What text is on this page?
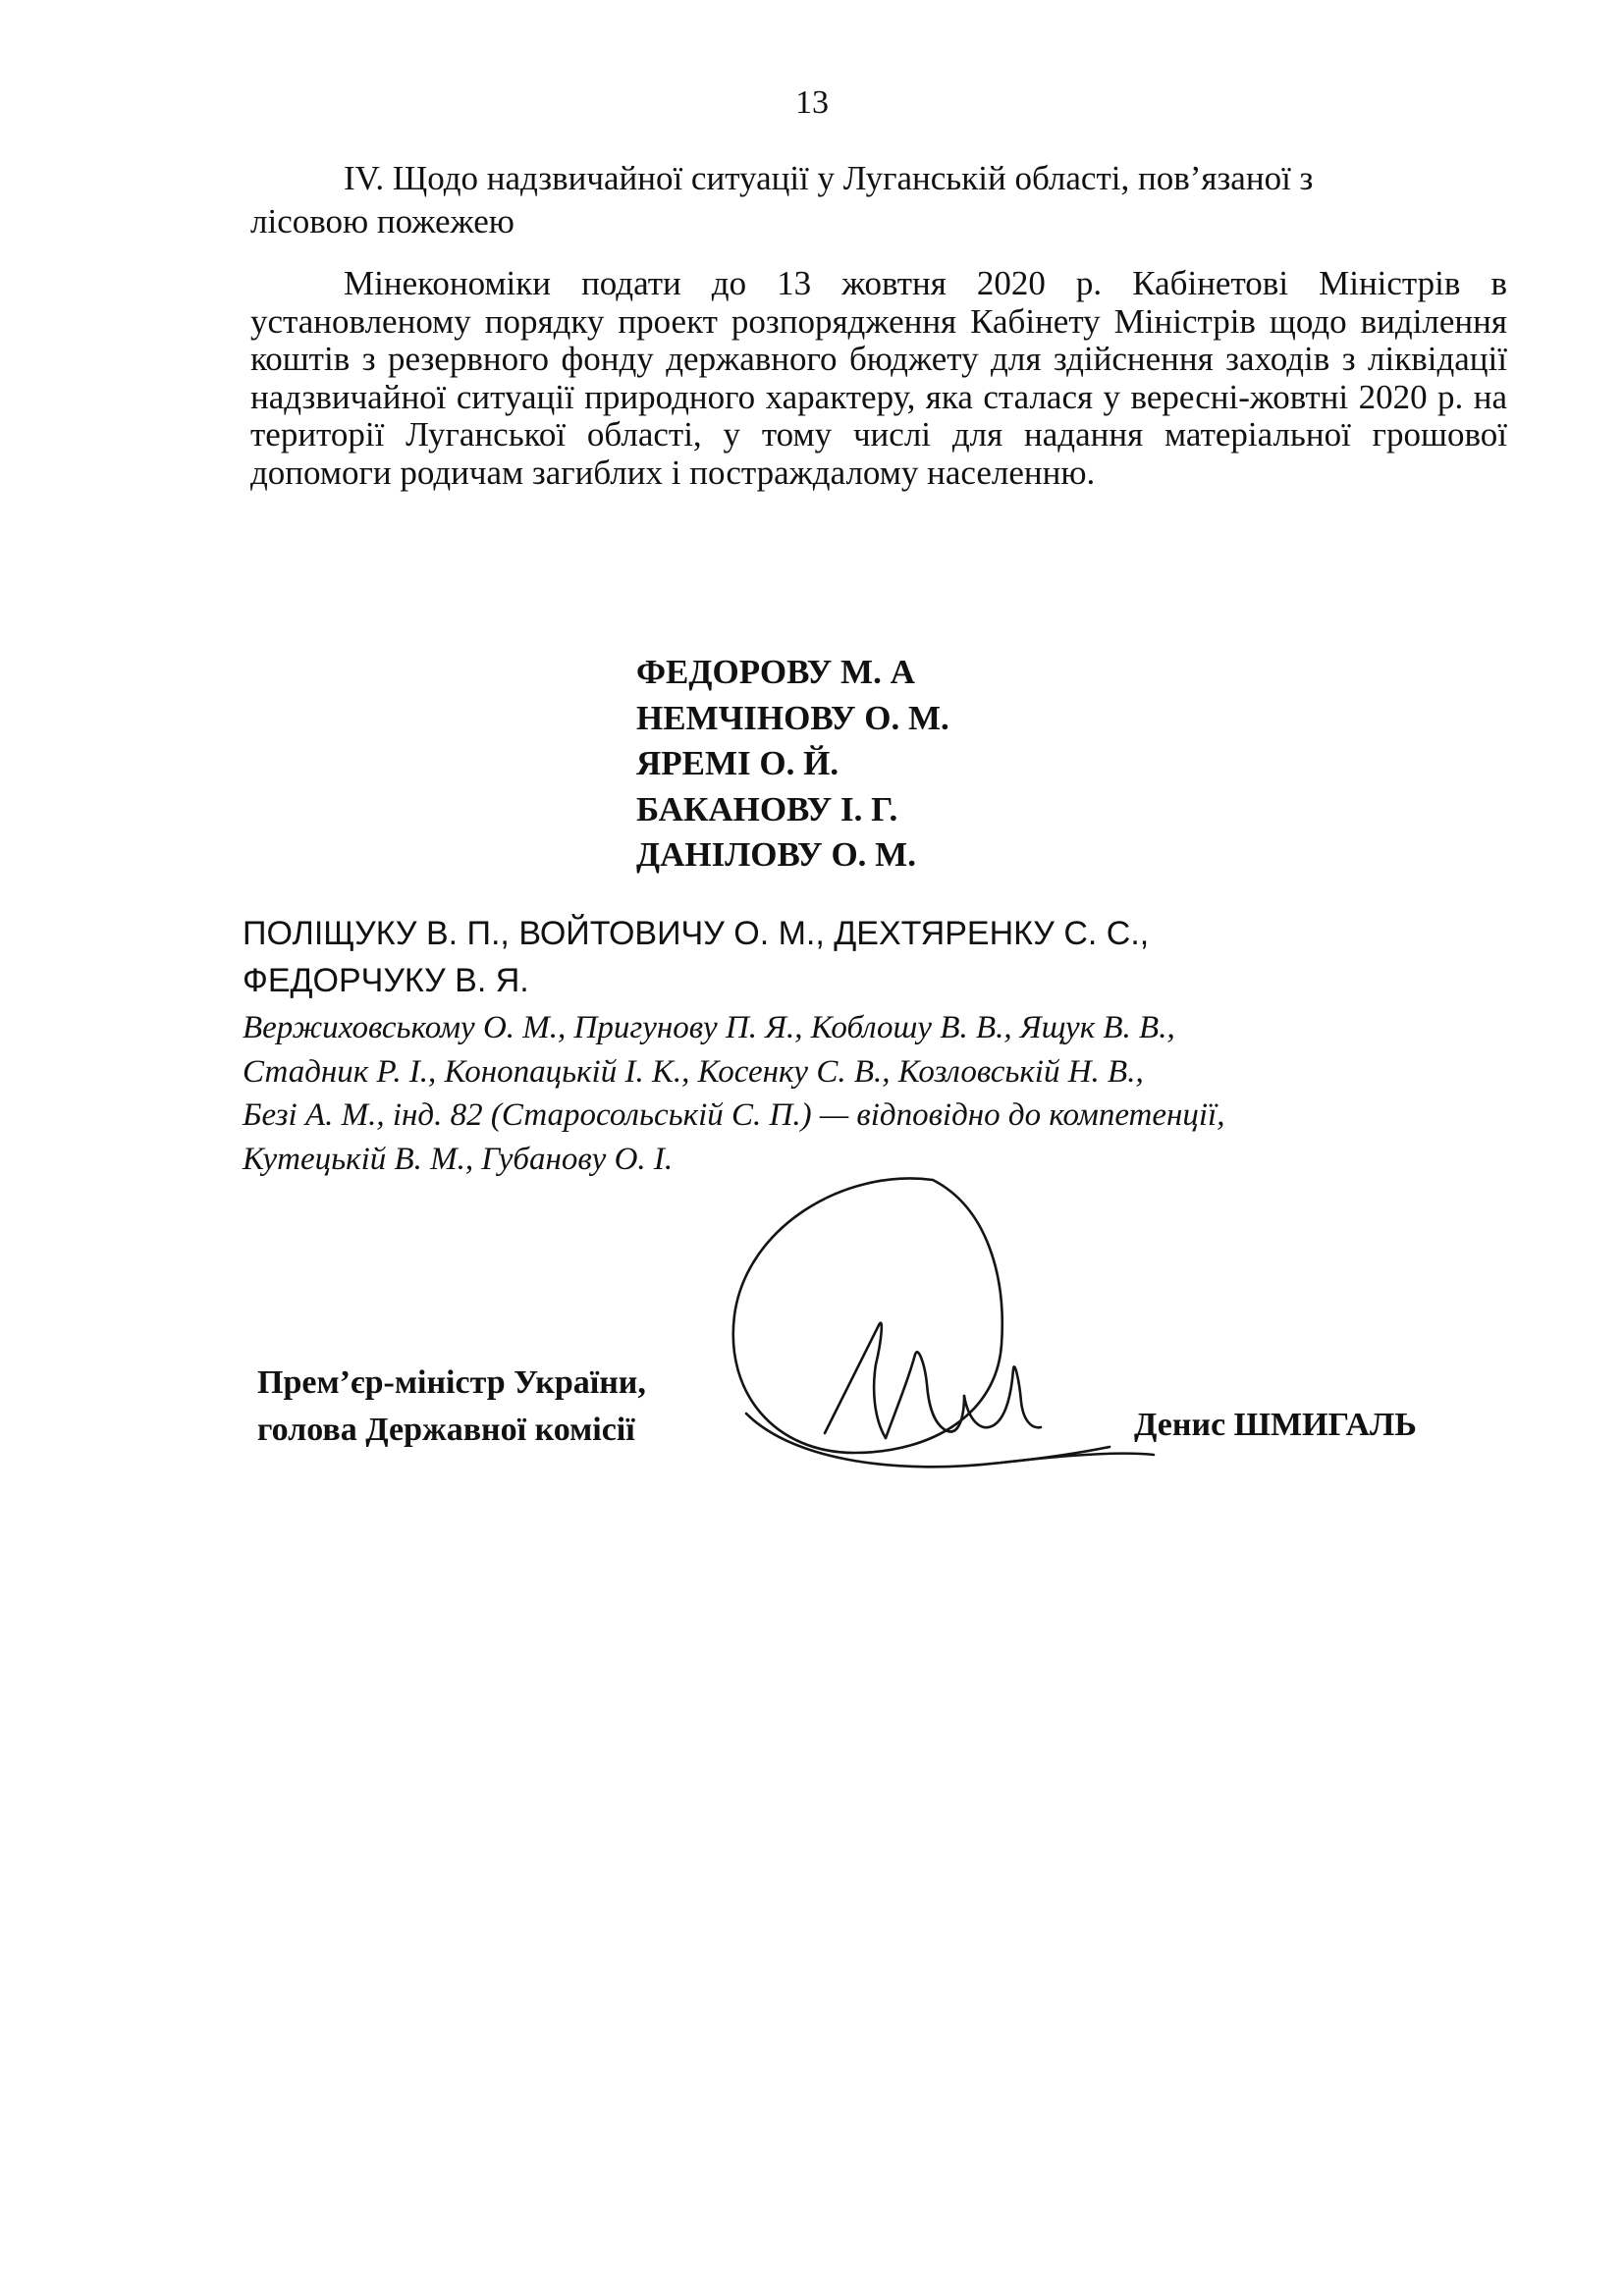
13
IV. Щодо надзвичайної ситуації у Луганській області, пов’язаної з
лісовою пожежею
Мінекономіки подати до 13 жовтня 2020 р. Кабінетові Міністрів в установленому порядку проект розпорядження Кабінету Міністрів щодо виділення коштів з резервного фонду державного бюджету для здійснення заходів з ліквідації надзвичайної ситуації природного характеру, яка сталася у вересні-жовтні 2020 р. на території Луганської області, у тому числі для надання матеріальної грошової допомоги родичам загиблих і постраждалому населенню.
ФЕДОРОВУ М. А
НЕМЧІНОВУ О. М.
ЯРЕМІ О. Й.
БАКАНОВУ І. Г.
ДАНІЛОВУ О. М.
ПОЛІЩУКУ В. П., ВОЙТОВИЧУ О. М., ДЕХТЯРЕНКУ С. С.,
ФЕДОРЧУКУ В. Я.
Вержиховському О. М., Пригунову П. Я., Коблошу В. В., Ящук В. В.,
Стадник Р. І., Конопацькій І. К., Косенку С. В., Козловській Н. В.,
Безі А. М., інд. 82 (Старосольській С. П.) — відповідно до компетенції,
Кутецькій В. М., Губанову О. І.
Прем’єр-міністр України,
голова Державної комісії	Денис ШМИГАЛЬ
